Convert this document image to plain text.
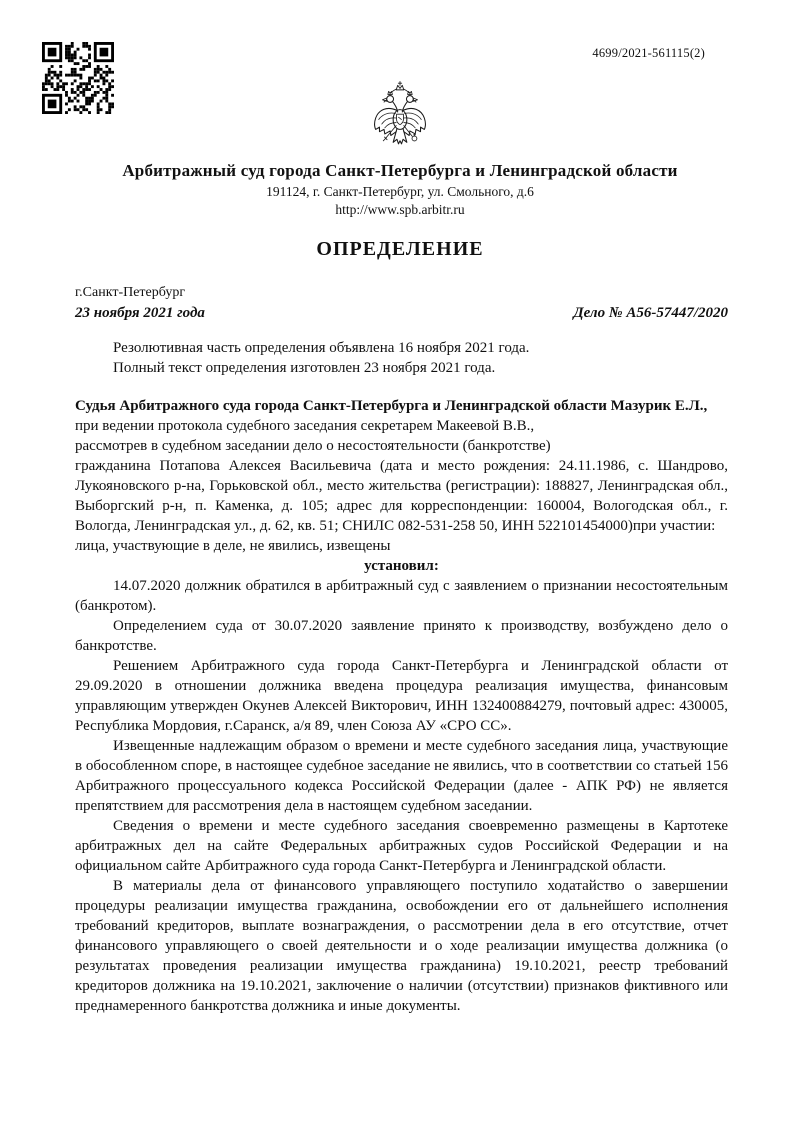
4699/2021-561115(2)
Арбитражный суд города Санкт-Петербурга и Ленинградской области
191124, г. Санкт-Петербург, ул. Смольного, д.6
http://www.spb.arbitr.ru
ОПРЕДЕЛЕНИЕ
г.Санкт-Петербург
23 ноября 2021 года	Дело № А56-57447/2020

Резолютивная часть определения объявлена 16 ноября 2021 года.

Полный текст определения изготовлен 23 ноября 2021 года.

Судья Арбитражного суда города Санкт-Петербурга и Ленинградской области Мазурик Е.Л.,

при ведении протокола судебного заседания секретарем Макеевой В.В.,

рассмотрев в судебном заседании дело о несостоятельности (банкротстве)

гражданина Потапова Алексея Васильевича (дата и место рождения: 24.11.1986, с. Шандрово, Лукояновского р-на, Горьковской обл., место жительства (регистрации): 188827, Ленинградская обл., Выборгский р-н, п. Каменка, д. 105; адрес для корреспонденции: 160004, Вологодская обл., г. Вологда, Ленинградская ул., д. 62, кв. 51; СНИЛС 082-531-258 50, ИНН 522101454000)при участии:

лица, участвующие в деле, не явились, извещены

установил:

14.07.2020 должник обратился в арбитражный суд с заявлением о признании несостоятельным (банкротом).

Определением суда от 30.07.2020 заявление принято к производству, возбуждено дело о банкротстве.

Решением Арбитражного суда города Санкт-Петербурга и Ленинградской области от 29.09.2020 в отношении должника введена процедура реализация имущества, финансовым управляющим утвержден Окунев Алексей Викторович, ИНН 132400884279, почтовый адрес: 430005, Республика Мордовия, г.Саранск, а/я 89, член Союза АУ «СРО СС».

Извещенные надлежащим образом о времени и месте судебного заседания лица, участвующие в обособленном споре, в настоящее судебное заседание не явились, что в соответствии со статьей 156 Арбитражного процессуального кодекса Российской Федерации (далее - АПК РФ) не является препятствием для рассмотрения дела в настоящем судебном заседании.

Сведения о времени и месте судебного заседания своевременно размещены в Картотеке арбитражных дел на сайте Федеральных арбитражных судов Российской Федерации и на официальном сайте Арбитражного суда города Санкт-Петербурга и Ленинградской области.

В материалы дела от финансового управляющего поступило ходатайство о завершении процедуры реализации имущества гражданина, освобождении его от дальнейшего исполнения требований кредиторов, выплате вознаграждения, о рассмотрении дела в его отсутствие, отчет финансового управляющего о своей деятельности и о ходе реализации имущества должника (о результатах проведения реализации имущества гражданина) 19.10.2021, реестр требований кредиторов должника на 19.10.2021, заключение о наличии (отсутствии) признаков фиктивного или преднамеренного банкротства должника и иные документы.
